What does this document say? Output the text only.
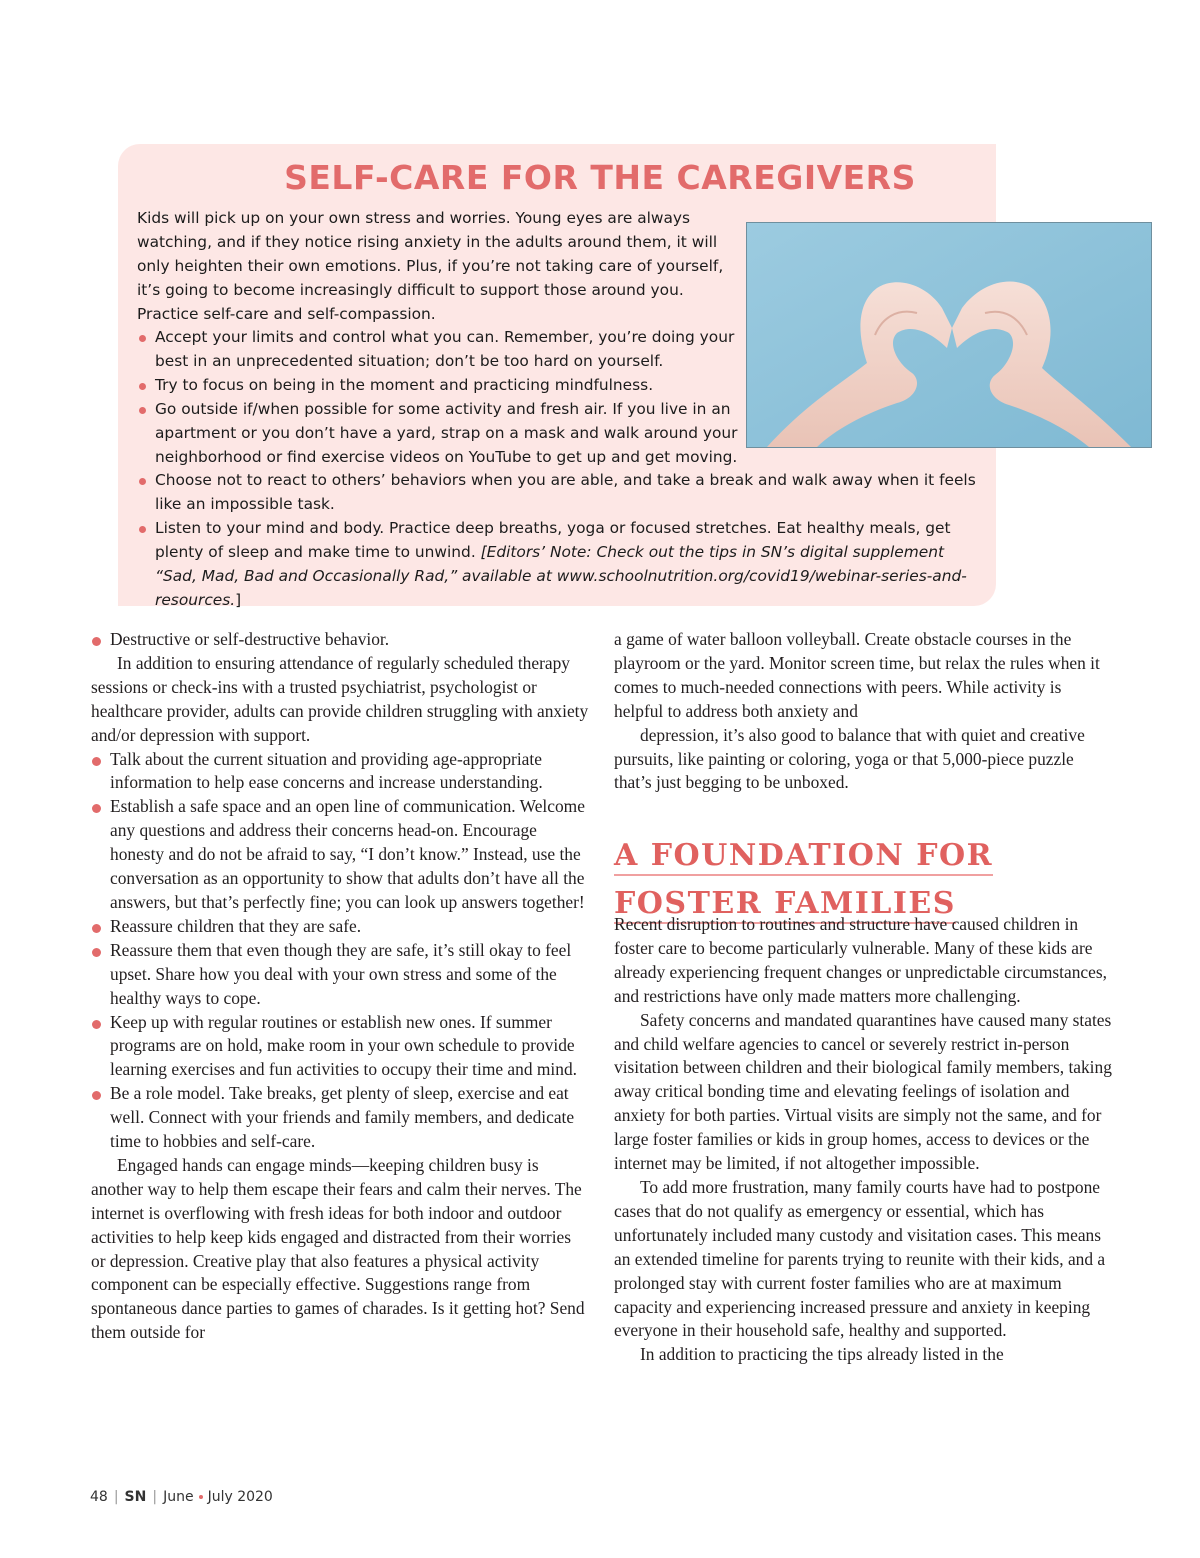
SELF-CARE FOR THE CAREGIVERS

Kids will pick up on your own stress and worries. Young eyes are always watching, and if they notice rising anxiety in the adults around them, it will only heighten their own emotions. Plus, if you’re not taking care of yourself, it’s going to become increasingly difficult to support those around you. Practice self-care and self-compassion.

Accept your limits and control what you can. Remember, you’re doing your best in an unprecedented situation; don’t be too hard on yourself.
Try to focus on being in the moment and practicing mindfulness.
Go outside if/when possible for some activity and fresh air. If you live in an apartment or you don’t have a yard, strap on a mask and walk around your neighborhood or find exercise videos on YouTube to get up and get moving.
Choose not to react to others’ behaviors when you are able, and take a break and walk away when it feels like an impossible task.
Listen to your mind and body. Practice deep breaths, yoga or focused stretches. Eat healthy meals, get plenty of sleep and make time to unwind. [Editors’ Note: Check out the tips in SN’s digital supplement “Sad, Mad, Bad and Occasionally Rad,” available at www.schoolnutrition.org/covid19/webinar-series-and-resources.]
Destructive or self-destructive behavior.

In addition to ensuring attendance of regularly scheduled therapy sessions or check-ins with a trusted psychiatrist, psychologist or healthcare provider, adults can provide children struggling with anxiety and/or depression with support.

Talk about the current situation and providing age-appropriate information to help ease concerns and increase understanding.
Establish a safe space and an open line of communication. Welcome any questions and address their concerns head-on. Encourage honesty and do not be afraid to say, “I don’t know.” Instead, use the conversation as an opportunity to show that adults don’t have all the answers, but that’s perfectly fine; you can look up answers together!
Reassure children that they are safe.
Reassure them that even though they are safe, it’s still okay to feel upset. Share how you deal with your own stress and some of the healthy ways to cope.
Keep up with regular routines or establish new ones. If summer programs are on hold, make room in your own schedule to provide learning exercises and fun activities to occupy their time and mind.
Be a role model. Take breaks, get plenty of sleep, exercise and eat well. Connect with your friends and family members, and dedicate time to hobbies and self-care.

Engaged hands can engage minds—keeping children busy is another way to help them escape their fears and calm their nerves. The internet is overflowing with fresh ideas for both indoor and outdoor activities to help keep kids engaged and distracted from their worries or depression. Creative play that also features a physical activity component can be especially effective. Suggestions range from spontaneous dance parties to games of charades. Is it getting hot? Send them outside for

a game of water balloon volleyball. Create obstacle courses in the playroom or the yard. Monitor screen time, but relax the rules when it comes to much-needed connections with peers. While activity is helpful to address both anxiety and

depression, it’s also good to balance that with quiet and creative pursuits, like painting or coloring, yoga or that 5,000-piece puzzle that’s just begging to be unboxed.

A FOUNDATION FOR
FOSTER FAMILIES

Recent disruption to routines and structure have caused children in foster care to become particularly vulnerable. Many of these kids are already experiencing frequent changes or unpredictable circumstances, and restrictions have only made matters more challenging.

Safety concerns and mandated quarantines have caused many states and child welfare agencies to cancel or severely restrict in-person visitation between children and their biological family members, taking away critical bonding time and elevating feelings of isolation and anxiety for both parties. Virtual visits are simply not the same, and for large foster families or kids in group homes, access to devices or the internet may be limited, if not altogether impossible.

To add more frustration, many family courts have had to postpone cases that do not qualify as emergency or essential, which has unfortunately included many custody and visitation cases. This means an extended timeline for parents trying to reunite with their kids, and a prolonged stay with current foster families who are at maximum capacity and experiencing increased pressure and anxiety in keeping everyone in their household safe, healthy and supported.

In addition to practicing the tips already listed in the

48 | SN | June July 2020
